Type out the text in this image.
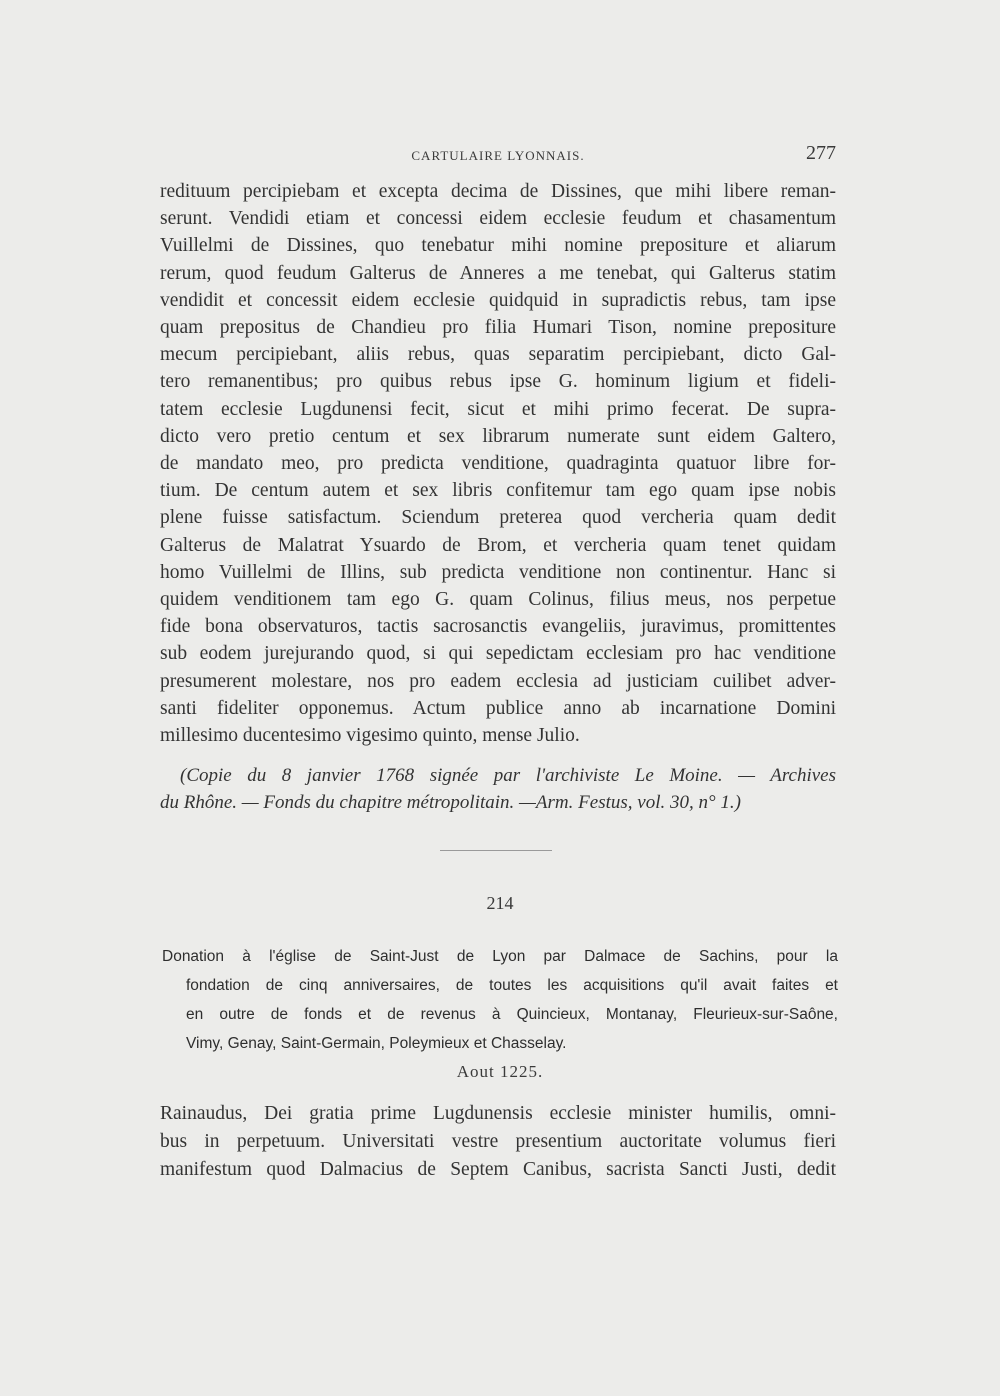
CARTULAIRE LYONNAIS.	277
redituum percipiebam et excepta decima de Dissines, que mihi libere reman-
serunt. Vendidi etiam et concessi eidem ecclesie feudum et chasamentum
Vuillelmi de Dissines, quo tenebatur mihi nomine prepositure et aliarum
rerum, quod feudum Galterus de Anneres a me tenebat, qui Galterus statim
vendidit et concessit eidem ecclesie quidquid in supradictis rebus, tam ipse
quam prepositus de Chandieu pro filia Humari Tison, nomine prepositure
mecum percipiebant, aliis rebus, quas separatim percipiebant, dicto Gal-
tero remanentibus; pro quibus rebus ipse G. hominum ligium et fideli-
tatem ecclesie Lugdunensi fecit, sicut et mihi primo fecerat. De supra-
dicto vero pretio centum et sex librarum numerate sunt eidem Galtero,
de mandato meo, pro predicta venditione, quadraginta quatuor libre for-
tium. De centum autem et sex libris confitemur tam ego quam ipse nobis
plene fuisse satisfactum. Sciendum preterea quod vercheria quam dedit
Galterus de Malatrat Ysuardo de Brom, et vercheria quam tenet quidam
homo Vuillelmi de Illins, sub predicta venditione non continentur. Hanc si
quidem venditionem tam ego G. quam Colinus, filius meus, nos perpetue
fide bona observaturos, tactis sacrosanctis evangeliis, juravimus, promittentes
sub eodem jurejurando quod, si qui sepedictam ecclesiam pro hac venditione
presumerent molestare, nos pro eadem ecclesia ad justiciam cuilibet adver-
santi fideliter opponemus. Actum publice anno ab incarnatione Domini
millesimo ducentesimo vigesimo quinto, mense Julio.
(Copie du 8 janvier 1768 signée par l'archiviste Le Moine. — Archives
du Rhône. — Fonds du chapitre métropolitain. —Arm. Festus, vol. 30, n° 1.)
214
Donation à l'église de Saint-Just de Lyon par Dalmace de Sachins, pour la
fondation de cinq anniversaires, de toutes les acquisitions qu'il avait faites et
en outre de fonds et de revenus à Quincieux, Montanay, Fleurieux-sur-Saône,
Vimy, Genay, Saint-Germain, Poleymieux et Chasselay.
Aout 1225.
Rainaudus, Dei gratia prime Lugdunensis ecclesie minister humilis, omni-
bus in perpetuum. Universitati vestre presentium auctoritate volumus fieri
manifestum quod Dalmacius de Septem Canibus, sacrista Sancti Justi, dedit
